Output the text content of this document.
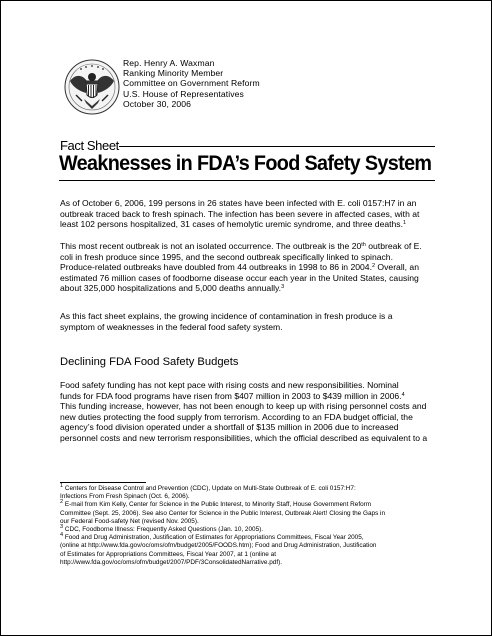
Rep. Henry A. Waxman
Ranking Minority Member
Committee on Government Reform
U.S. House of Representatives
October 30, 2006
Fact Sheet
Weaknesses in FDA’s Food Safety System
As of October 6, 2006, 199 persons in 26 states have been infected with E. coli 0157:H7 in an
outbreak traced back to fresh spinach. The infection has been severe in affected cases, with at
least 102 persons hospitalized, 31 cases of hemolytic uremic syndrome, and three deaths.$^1$
This most recent outbreak is not an isolated occurrence. The outbreak is the 20th outbreak of E.
coli in fresh produce since 1995, and the second outbreak specifically linked to spinach.
Produce-related outbreaks have doubled from 44 outbreaks in 1998 to 86 in 2004.$^2$ Overall, an
estimated 76 million cases of foodborne disease occur each year in the United States, causing
about 325,000 hospitalizations and 5,000 deaths annually.$^3$
As this fact sheet explains, the growing incidence of contamination in fresh produce is a
symptom of weaknesses in the federal food safety system.
Declining FDA Food Safety Budgets
Food safety funding has not kept pace with rising costs and new responsibilities. Nominal
funds for FDA food programs have risen from $407 million in 2003 to $439 million in 2006.$^4$
This funding increase, however, has not been enough to keep up with rising personnel costs and
new duties protecting the food supply from terrorism. According to an FDA budget official, the
agency’s food division operated under a shortfall of $135 million in 2006 due to increased
personnel costs and new terrorism responsibilities, which the official described as equivalent to a
$^1$ Centers for Disease Control and Prevention (CDC), Update on Multi-State Outbreak of E. coli 0157:H7:
Infections From Fresh Spinach (Oct. 6, 2006).
$^2$ E-mail from Kim Kelly, Center for Science in the Public Interest, to Minority Staff, House Government Reform
Committee (Sept. 25, 2006). See also Center for Science in the Public Interest, Outbreak Alert! Closing the Gaps in
our Federal Food-safety Net (revised Nov. 2005).
$^3$ CDC, Foodborne Illness: Frequently Asked Questions (Jan. 10, 2005).
$^4$ Food and Drug Administration, Justification of Estimates for Appropriations Committees, Fiscal Year 2005,
(online at http://www.fda.gov/oc/oms/ofm/budget/2005/FOODS.htm); Food and Drug Administration, Justification
of Estimates for Appropriations Committees, Fiscal Year 2007, at 1 (online at
http://www.fda.gov/oc/oms/ofm/budget/2007/PDF/3ConsolidatedNarrative.pdf).
